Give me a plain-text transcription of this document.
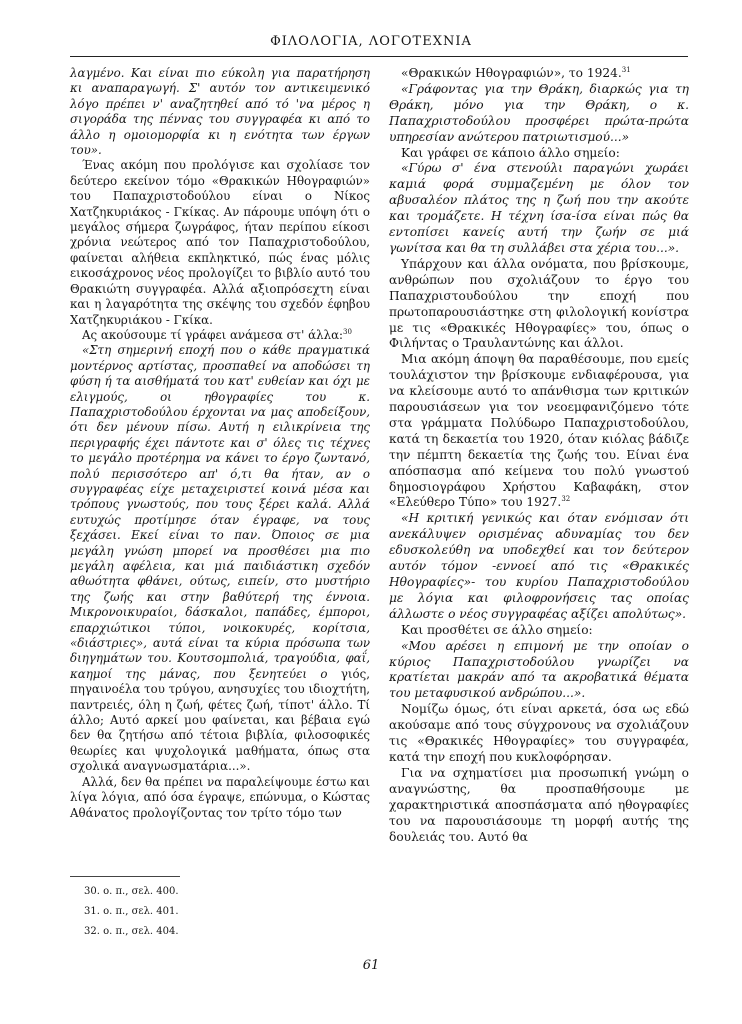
ΦΙΛΟΛΟΓΙΑ, ΛΟΓΟΤΕΧΝΙΑ

λαγμένο. Και είναι πιο εύκολη για παρατήρηση κι αναπαραγωγή. Σ' αυτόν τον αντικειμενικό λόγο πρέπει ν' αναζητηθεί από τό 'να μέρος η σιγοράδα της πέννας του συγγραφέα κι από το άλλο η ομοιομορφία κι η ενότητα των έργων του».

Ένας ακόμη που προλόγισε και σχολίασε τον δεύτερο εκείνον τόμο «Θρακικών Ηθογραφιών» του Παπαχριστοδούλου είναι ο Νίκος Χατζηκυριάκος - Γκίκας. Αν πάρουμε υπόψη ότι ο μεγάλος σήμερα ζωγράφος, ήταν περίπου είκοσι χρόνια νεώτερος από τον Παπαχριστοδούλου, φαίνεται αλήθεια εκπληκτικό, πώς ένας μόλις εικοσάχρονος νέος προλογίζει το βιβλίο αυτό του Θρακιώτη συγγραφέα. Αλλά αξιοπρόσεχτη είναι και η λαγαρότητα της σκέψης του σχεδόν έφηβου Χατζηκυριάκου - Γκίκα.

Ας ακούσουμε τί γράφει ανάμεσα στ' άλλα:$^{30}$

«Στη σημερινή εποχή που ο κάθε πραγματικά μοντέρνος αρτίστας, προσπαθεί να αποδώσει τη φύση ή τα αισθήματά του κατ' ευθείαν και όχι με ελιγμούς, οι ηθογραφίες του κ. Παπαχριστοδούλου έρχονται να μας αποδείξουν, ότι δεν μένουν πίσω. Αυτή η ειλικρίνεια της περιγραφής έχει πάντοτε και σ' όλες τις τέχνες το μεγάλο προτέρημα να κάνει το έργο ζωντανό, πολύ περισσότερο απ' ό,τι θα ήταν, αν ο συγγραφέας είχε μεταχειριστεί κοινά μέσα και τρόπους γνωστούς, που τους ξέρει καλά. Αλλά ευτυχώς προτίμησε όταν έγραφε, να τους ξεχάσει. Εκεί είναι το παν. Όποιος σε μια μεγάλη γνώση μπορεί να προσθέσει μια πιο μεγάλη αφέλεια, και μιά παιδιάστικη σχεδόν αθωότητα φθάνει, ούτως, ειπείν, στο μυστήριο της ζωής και στην βαθύτερή της έννοια. Μικρονοικυραίοι, δάσκαλοι, παπάδες, έμποροι, επαρχιώτικοι τύποι, νοικοκυρές, κορίτσια, «διάστριες», αυτά είναι τα κύρια πρόσωπα των διηγημάτων του. Κουτσομπολιά, τραγούδια, φαΐ, καημοί της μάνας, που ξενητεύει ο γιός, πηγαινοέλα του τρύγου, ανησυχίες του ιδιοχτήτη, παντρειές, όλη η ζωή, φέτες ζωή, τίποτ' άλλο. Τί άλλο; Αυτό αρκεί μου φαίνεται, και βέβαια εγώ δεν θα ζητήσω από τέτοια βιβλία, φιλοσοφικές θεωρίες και ψυχολογικά μαθήματα, όπως στα σχολικά αναγνωσματάρια...».

Αλλά, δεν θα πρέπει να παραλείψουμε έστω και λίγα λόγια, από όσα έγραψε, επώνυμα, ο Κώστας Αθάνατος προλογίζοντας τον τρίτο τόμο των

«Θρακικών Ηθογραφιών», το 1924.31

«Γράφοντας για την Θράκη, διαρκώς για τη Θράκη, μόνο για την Θράκη, ο κ. Παπαχριστοδούλου προσφέρει πρώτα-πρώτα υπηρεσίαν ανώτερου πατριωτισμού...»

Και γράφει σε κάποιο άλλο σημείο:

«Γύρω σ' ένα στενούλι παραγώνι χωράει καμιά φορά συμμαζεμένη με όλον τον αβυσαλέον πλάτος της η ζωή που την ακούτε και τρομάζετε. Η τέχνη ίσα-ίσα είναι πώς θα εντοπίσει κανείς αυτή την ζωήν σε μιά γωνίτσα και θα τη συλλάβει στα χέρια του...».

Υπάρχουν και άλλα ονόματα, που βρίσκουμε, ανθρώπων που σχολιάζουν το έργο του Παπαχριστουδούλου την εποχή που πρωτοπαρουσιάστηκε στη φιλολογική κονίστρα με τις «Θρακικές Ηθογραφίες» του, όπως ο Φιλήντας ο Τραυλαντώνης και άλλοι.

Μια ακόμη άποψη θα παραθέσουμε, που εμείς τουλάχιστον την βρίσκουμε ενδιαφέρουσα, για να κλείσουμε αυτό το απάνθισμα των κριτικών παρουσιάσεων για τον νεοεμφανιζόμενο τότε στα γράμματα Πολύδωρο Παπαχριστοδούλου, κατά τη δεκαετία του 1920, όταν κιόλας βάδιζε την πέμπτη δεκαετία της ζωής του. Είναι ένα απόσπασμα από κείμενα του πολύ γνωστού δημοσιογράφου Χρήστου Καβαφάκη, στον «Ελεύθερο Τύπο» του 1927.32

«Η κριτική γενικώς και όταν ενόμισαν ότι ανεκάλυψεν ορισμένας αδυναμίας του δεν εδυσκολεύθη να υποδεχθεί και τον δεύτερον αυτόν τόμον -εννοεί από τις «Θρακικές Ηθογραφίες»- του κυρίου Παπαχριστοδούλου με λόγια και φιλοφρονήσεις τας οποίας άλλωστε ο νέος συγγραφέας αξίζει απολύτως».

Και προσθέτει σε άλλο σημείο:

«Μου αρέσει η επιμονή με την οποίαν ο κύριος Παπαχριστοδούλου γνωρίζει να κρατίεται μακράν από τα ακροβατικά θέματα του μεταφυσικού ανδρώπου...».

Νομίζω όμως, ότι είναι αρκετά, όσα ως εδώ ακούσαμε από τους σύγχρονους να σχολιάζουν τις «Θρακικές Ηθογραφίες» του συγγραφέα, κατά την εποχή που κυκλοφόρησαν.

Για να σχηματίσει μια προσωπική γνώμη ο αναγνώστης, θα προσπαθήσουμε με χαρακτηριστικά αποσπάσματα από ηθογραφίες του να παρουσιάσουμε τη μορφή αυτής της δουλειάς του. Αυτό θα

30. ο. π., σελ. 400.
31. ο. π., σελ. 401.
32. ο. π., σελ. 404.
61
